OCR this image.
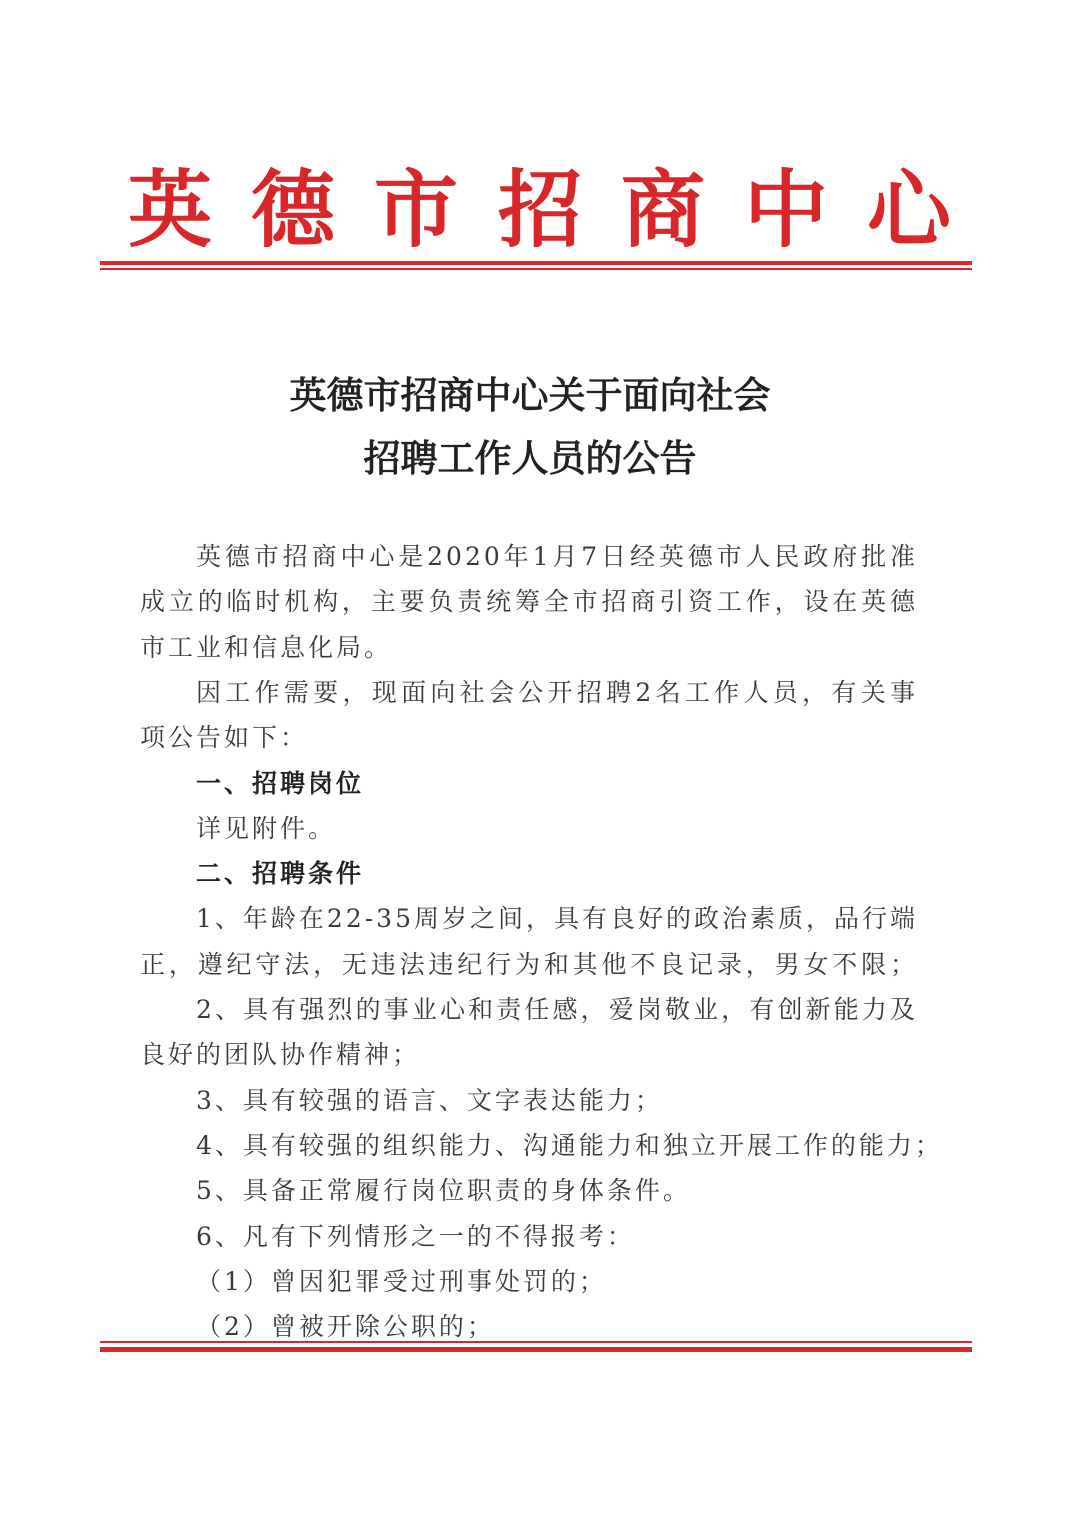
英 德 市 招 商 中 心
英德市招商中心关于面向社会
招聘工作人员的公告
英德市招商中心是2020年1月7日经英德市人民政府批准
成立的临时机构，主要负责统筹全市招商引资工作，设在英德
市工业和信息化局。
因工作需要，现面向社会公开招聘2名工作人员，有关事
项公告如下：
一、招聘岗位
详见附件。
二、招聘条件
1、年龄在22-35周岁之间，具有良好的政治素质，品行端
正，遵纪守法，无违法违纪行为和其他不良记录，男女不限；
2、具有强烈的事业心和责任感，爱岗敬业，有创新能力及
良好的团队协作精神；
3、具有较强的语言、文字表达能力；
4、具有较强的组织能力、沟通能力和独立开展工作的能力；
5、具备正常履行岗位职责的身体条件。
6、凡有下列情形之一的不得报考：
（1）曾因犯罪受过刑事处罚的；
（2）曾被开除公职的；
